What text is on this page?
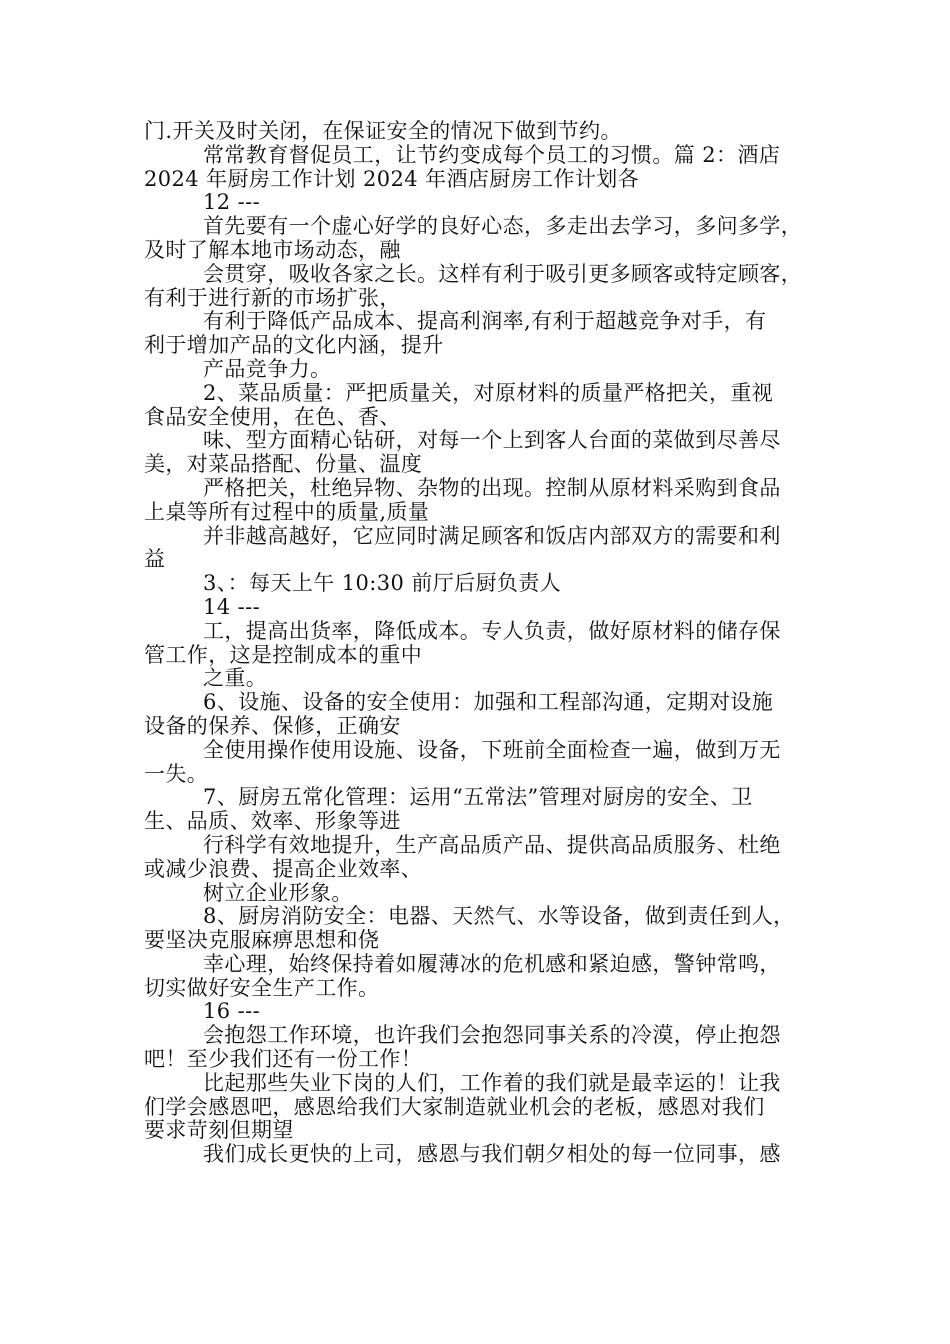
门.开关及时关闭，在保证安全的情况下做到节约。

常常教育督促员工，让节约变成每个员工的习惯。篇 2：酒店

2024 年厨房工作计划 2024 年酒店厨房工作计划各

12 ---

首先要有一个虚心好学的良好心态，多走出去学习，多问多学，

及时了解本地市场动态，融

会贯穿，吸收各家之长。这样有利于吸引更多顾客或特定顾客，

有利于进行新的市场扩张，

有利于降低产品成本、提高利润率,有利于超越竞争对手，有

利于增加产品的文化内涵，提升

产品竞争力。

2、菜品质量：严把质量关，对原材料的质量严格把关，重视

食品安全使用，在色、香、

味、型方面精心钻研，对每一个上到客人台面的菜做到尽善尽

美，对菜品搭配、份量、温度

严格把关，杜绝异物、杂物的出现。控制从原材料采购到食品

上桌等所有过程中的质量,质量

并非越高越好，它应同时满足顾客和饭店内部双方的需要和利

益

3、：每天上午 10:30 前厅后厨负责人

14 ---

工，提高出货率，降低成本。专人负责，做好原材料的储存保

管工作，这是控制成本的重中

之重。

6、设施、设备的安全使用：加强和工程部沟通，定期对设施

设备的保养、保修，正确安

全使用操作使用设施、设备，下班前全面检查一遍，做到万无

一失。

7、厨房五常化管理：运用“五常法”管理对厨房的安全、卫

生、品质、效率、形象等进

行科学有效地提升，生产高品质产品、提供高品质服务、杜绝

或减少浪费、提高企业效率、

树立企业形象。

8、厨房消防安全：电器、天然气、水等设备，做到责任到人，

要坚决克服麻痹思想和侥

幸心理，始终保持着如履薄冰的危机感和紧迫感，警钟常鸣，

切实做好安全生产工作。

16 ---

会抱怨工作环境，也许我们会抱怨同事关系的冷漠，停止抱怨

吧！至少我们还有一份工作！

比起那些失业下岗的人们，工作着的我们就是最幸运的！让我

们学会感恩吧，感恩给我们大家制造就业机会的老板，感恩对我们

要求苛刻但期望

我们成长更快的上司，感恩与我们朝夕相处的每一位同事，感
